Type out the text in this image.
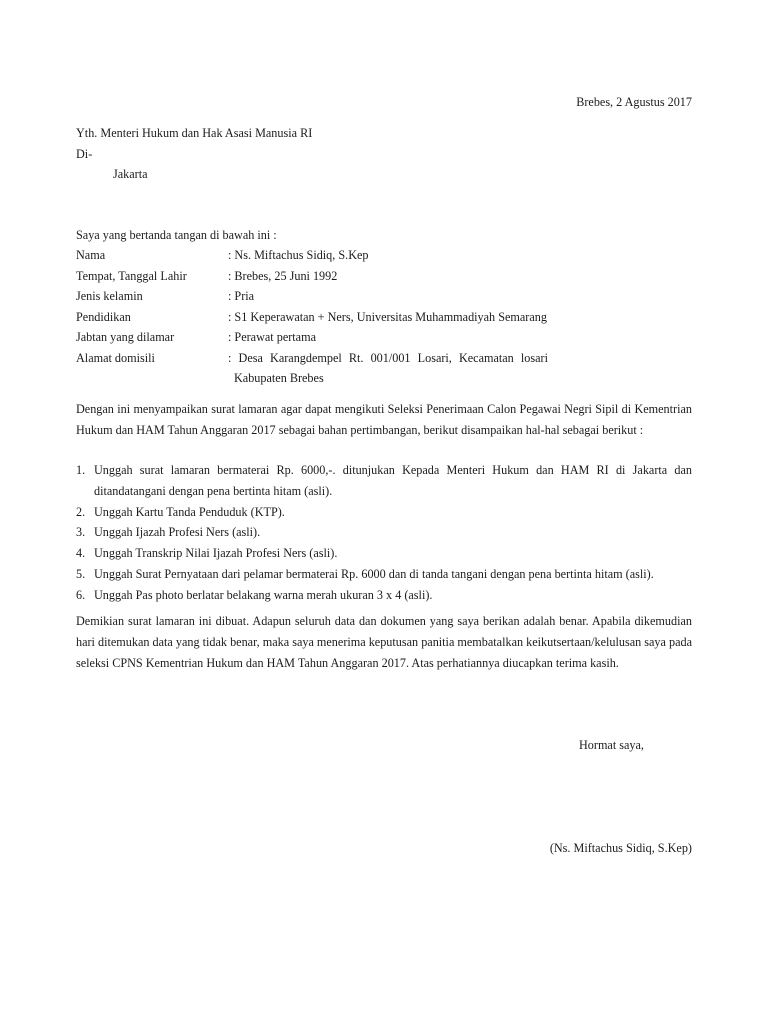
Brebes, 2 Agustus 2017
Yth. Menteri Hukum dan Hak Asasi Manusia RI
Di-
Jakarta
Saya yang bertanda tangan di bawah ini :
Nama	: Ns. Miftachus Sidiq, S.Kep
Tempat, Tanggal Lahir	: Brebes, 25 Juni 1992
Jenis kelamin	: Pria
Pendidikan	: S1 Keperawatan + Ners, Universitas Muhammadiyah Semarang
Jabtan yang dilamar	: Perawat pertama
Alamat domisili	: Desa Karangdempel Rt. 001/001 Losari, Kecamatan losari
Kabupaten Brebes

Dengan ini menyampaikan surat lamaran agar dapat mengikuti Seleksi Penerimaan Calon Pegawai Negri Sipil di Kementrian Hukum dan HAM Tahun Anggaran 2017 sebagai bahan pertimbangan, berikut disampaikan hal-hal sebagai berikut :

1. Unggah surat lamaran bermaterai Rp. 6000,-. ditunjukan Kepada Menteri Hukum dan HAM RI di Jakarta dan ditandatangani dengan pena bertinta hitam (asli).
2. Unggah Kartu Tanda Penduduk (KTP).
3. Unggah Ijazah Profesi Ners (asli).
4. Unggah Transkrip Nilai Ijazah Profesi Ners (asli).
5. Unggah Surat Pernyataan dari pelamar bermaterai Rp. 6000 dan di tanda tangani dengan pena bertinta hitam (asli).
6. Unggah Pas photo berlatar belakang warna merah ukuran 3 x 4 (asli).

Demikian surat lamaran ini dibuat. Adapun seluruh data dan dokumen yang saya berikan adalah benar. Apabila dikemudian hari ditemukan data yang tidak benar, maka saya menerima keputusan panitia membatalkan keikutsertaan/kelulusan saya pada seleksi CPNS Kementrian Hukum dan HAM Tahun Anggaran 2017. Atas perhatiannya diucapkan terima kasih.

Hormat saya,
(Ns. Miftachus Sidiq, S.Kep)
